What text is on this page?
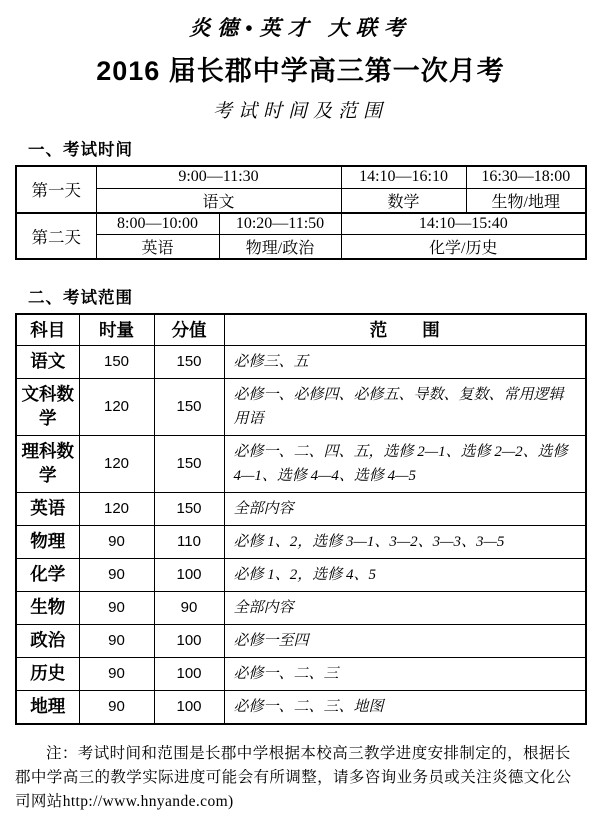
炎德•英才 大联考
2016 届长郡中学高三第一次月考
考试时间及范围
一、考试时间
第一天	9:00—11:30		14:10—16:10	16:30—18:00
	语文		数学	生物/地理
第二天	8:00—10:00	10:20—11:50	14:10—15:40	
	英语	物理/政治	化学/历史	
二、考试范围
科目	时量	分值	范　　围
语文	150	150	必修三、五
文科数学	120	150	必修一、必修四、必修五、导数、复数、常用逻辑用语
理科数学	120	150	必修一、二、四、五，选修 2—1、选修 2—2、选修 4—1、选修 4—4、选修 4—5
英语	120	150	全部内容
物理	90	110	必修 1、2，选修 3—1、3—2、3—3、3—5
化学	90	100	必修 1、2，选修 4、5
生物	90	90	全部内容
政治	90	100	必修一至四
历史	90	100	必修一、二、三
地理	90	100	必修一、二、三、地图

注：考试时间和范围是长郡中学根据本校高三教学进度安排制定的，根据长郡中学高三的教学实际进度可能会有所调整，请多咨询业务员或关注炎德文化公司网站http://www.hnyande.com)
